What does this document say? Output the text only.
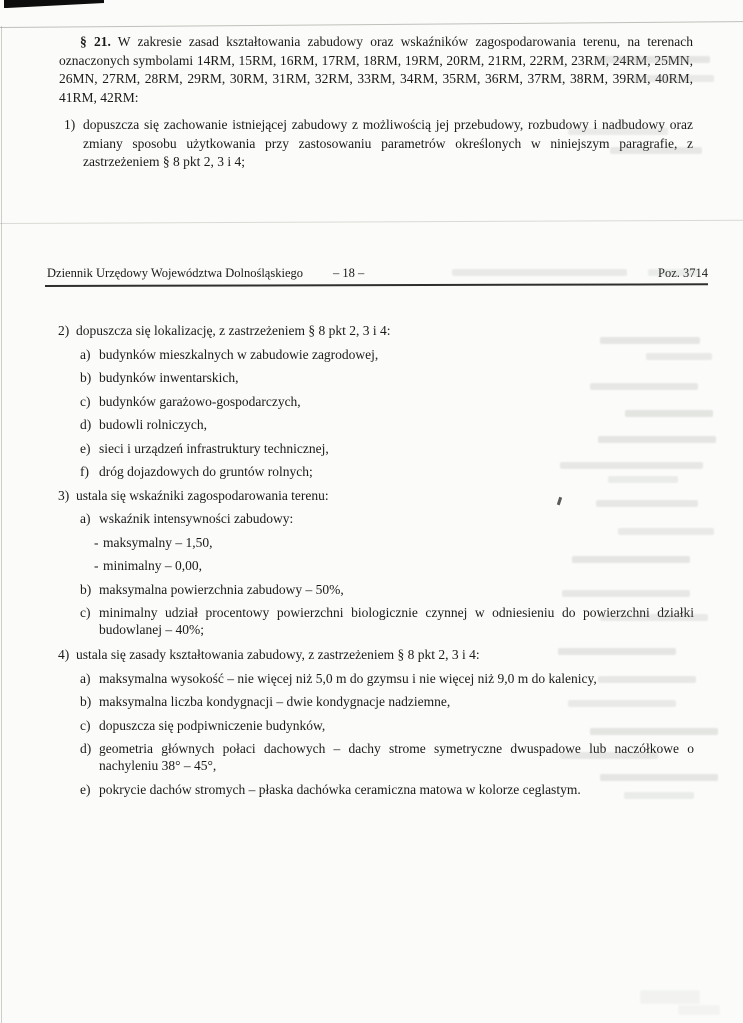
§ 21. W zakresie zasad kształtowania zabudowy oraz wskaźników zagospodarowania terenu, na terenach oznaczonych symbolami 14RM, 15RM, 16RM, 17RM, 18RM, 19RM, 20RM, 21RM, 22RM, 23RM, 24RM, 25MN, 26MN, 27RM, 28RM, 29RM, 30RM, 31RM, 32RM, 33RM, 34RM, 35RM, 36RM, 37RM, 38RM, 39RM, 40RM, 41RM, 42RM:

1) dopuszcza się zachowanie istniejącej zabudowy z możliwością jej przebudowy, rozbudowy i nadbudowy oraz zmiany sposobu użytkowania przy zastosowaniu parametrów określonych w niniejszym paragrafie, z zastrzeżeniem § 8 pkt 2, 3 i 4;
Dziennik Urzędowy Województwa Dolnośląskiego – 18 –	Poz. 3714
2) dopuszcza się lokalizację, z zastrzeżeniem § 8 pkt 2, 3 i 4:
a) budynków mieszkalnych w zabudowie zagrodowej,
b) budynków inwentarskich,
c) budynków garażowo-gospodarczych,
d) budowli rolniczych,
e) sieci i urządzeń infrastruktury technicznej,
f) dróg dojazdowych do gruntów rolnych;
3) ustala się wskaźniki zagospodarowania terenu:
a) wskaźnik intensywności zabudowy:
- maksymalny – 1,50,
- minimalny – 0,00,
b) maksymalna powierzchnia zabudowy – 50%,
c) minimalny udział procentowy powierzchni biologicznie czynnej w odniesieniu do powierzchni działki budowlanej – 40%;
4) ustala się zasady kształtowania zabudowy, z zastrzeżeniem § 8 pkt 2, 3 i 4:
a) maksymalna wysokość – nie więcej niż 5,0 m do gzymsu i nie więcej niż 9,0 m do kalenicy,
b) maksymalna liczba kondygnacji – dwie kondygnacje nadziemne,
c) dopuszcza się podpiwniczenie budynków,
d) geometria głównych połaci dachowych – dachy strome symetryczne dwuspadowe lub naczółkowe o nachyleniu 38° – 45°,
e) pokrycie dachów stromych – płaska dachówka ceramiczna matowa w kolorze ceglastym.
